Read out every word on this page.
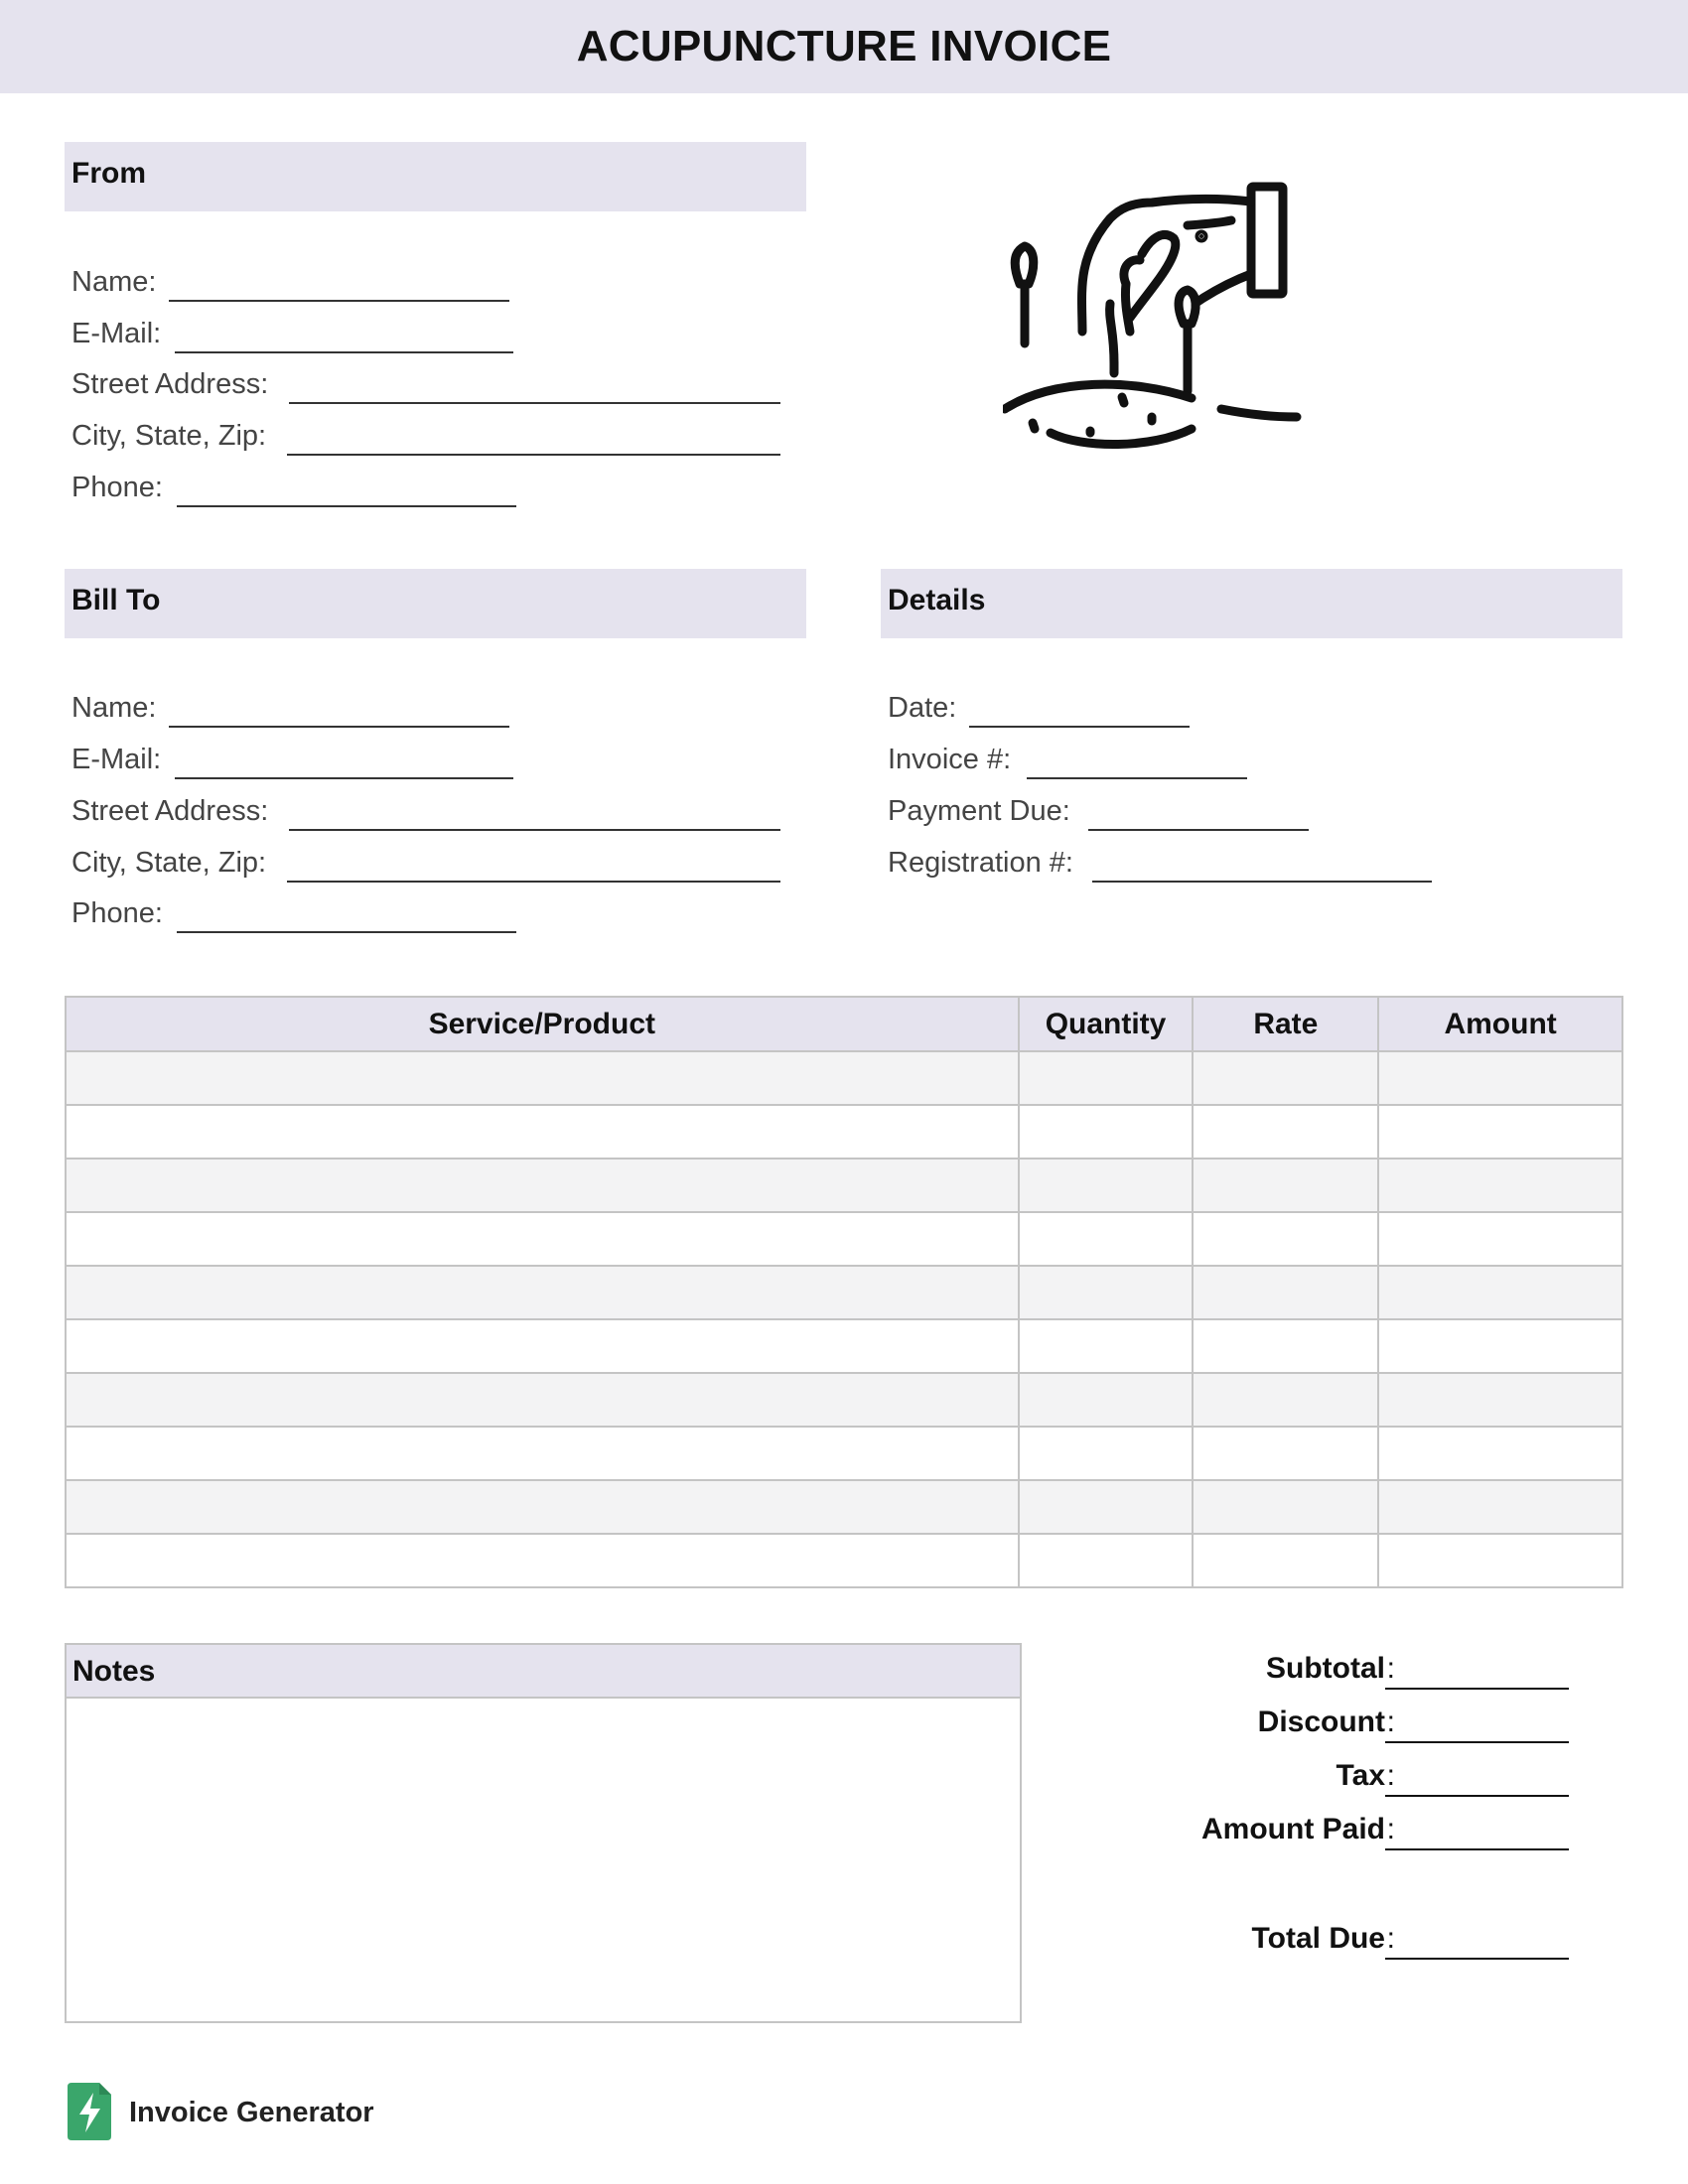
ACUPUNCTURE INVOICE
From
Name:
E-Mail:
Street Address:
City, State, Zip:
Phone:
Bill To
Name:
E-Mail:
Street Address:
City, State, Zip:
Phone:
Details
Date:
Invoice #:
Payment Due:
Registration #:
Service/Product	Quantity	Rate	Amount

Notes	Subtotal :
Discount :
Tax :
Amount Paid :
Total Due :
Invoice Generator
